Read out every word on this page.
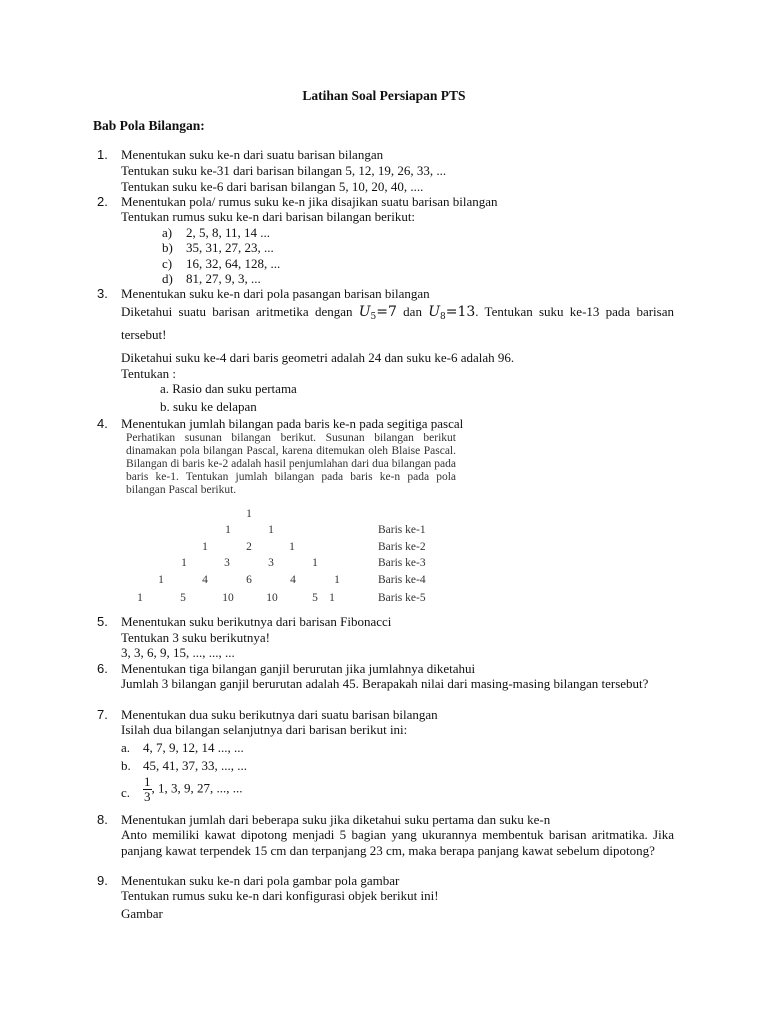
Latihan Soal Persiapan PTS
Bab Pola Bilangan:
1. Menentukan suku ke-n dari suatu barisan bilangan
Tentukan suku ke-31 dari barisan bilangan 5, 12, 19, 26, 33, ...
Tentukan suku ke-6 dari barisan bilangan 5, 10, 20, 40, ....
2. Menentukan pola/ rumus suku ke-n jika disajikan suatu barisan bilangan
Tentukan rumus suku ke-n dari barisan bilangan berikut:
a) 2, 5, 8, 11, 14 ...
b) 35, 31, 27, 23, ...
c) 16, 32, 64, 128, ...
d) 81, 27, 9, 3, ...
3. Menentukan suku ke-n dari pola pasangan barisan bilangan
Diketahui suatu barisan aritmetika dengan $U_5=7$ dan $U_8=13$. Tentukan suku ke-13 pada barisan tersebut!
Diketahui suku ke-4 dari baris geometri adalah 24 dan suku ke-6 adalah 96.
Tentukan :
a. Rasio dan suku pertama
b. suku ke delapan
4. Menentukan jumlah bilangan pada baris ke-n pada segitiga pascal
Perhatikan susunan bilangan berikut. Susunan bilangan berikut dinamakan pola bilangan Pascal, karena ditemukan oleh Blaise Pascal. Bilangan di baris ke-2 adalah hasil penjumlahan dari dua bilangan pada baris ke-1. Tentukan jumlah bilangan pada baris ke-n pada pola bilangan Pascal berikut.
1
1	1	Baris ke-1
1	2	1	Baris ke-2
1	3	3	1	Baris ke-3
1	4	6	4	1	Baris ke-4
1	5	10	10	5 1	Baris ke-5
5. Menentukan suku berikutnya dari barisan Fibonacci
Tentukan 3 suku berikutnya!
3, 3, 6, 9, 15, ..., ..., ...
6. Menentukan tiga bilangan ganjil berurutan jika jumlahnya diketahui
Jumlah 3 bilangan ganjil berurutan adalah 45. Berapakah nilai dari masing-masing bilangan tersebut?
7. Menentukan dua suku berikutnya dari suatu barisan bilangan
Isilah dua bilangan selanjutnya dari barisan berikut ini:
a. 4, 7, 9, 12, 14 ..., ...
b. 45, 41, 37, 33, ..., ...
c. $\frac{1}{3}$ , 1, 3, 9, 27, ..., ...
8. Menentukan jumlah dari beberapa suku jika diketahui suku pertama dan suku ke-n
Anto memiliki kawat dipotong menjadi 5 bagian yang ukurannya membentuk barisan aritmatika. Jika panjang kawat terpendek 15 cm dan terpanjang 23 cm, maka berapa panjang kawat sebelum dipotong?
9. Menentukan suku ke-n dari pola gambar pola gambar
Tentukan rumus suku ke-n dari konfigurasi objek berikut ini!
Gambar
